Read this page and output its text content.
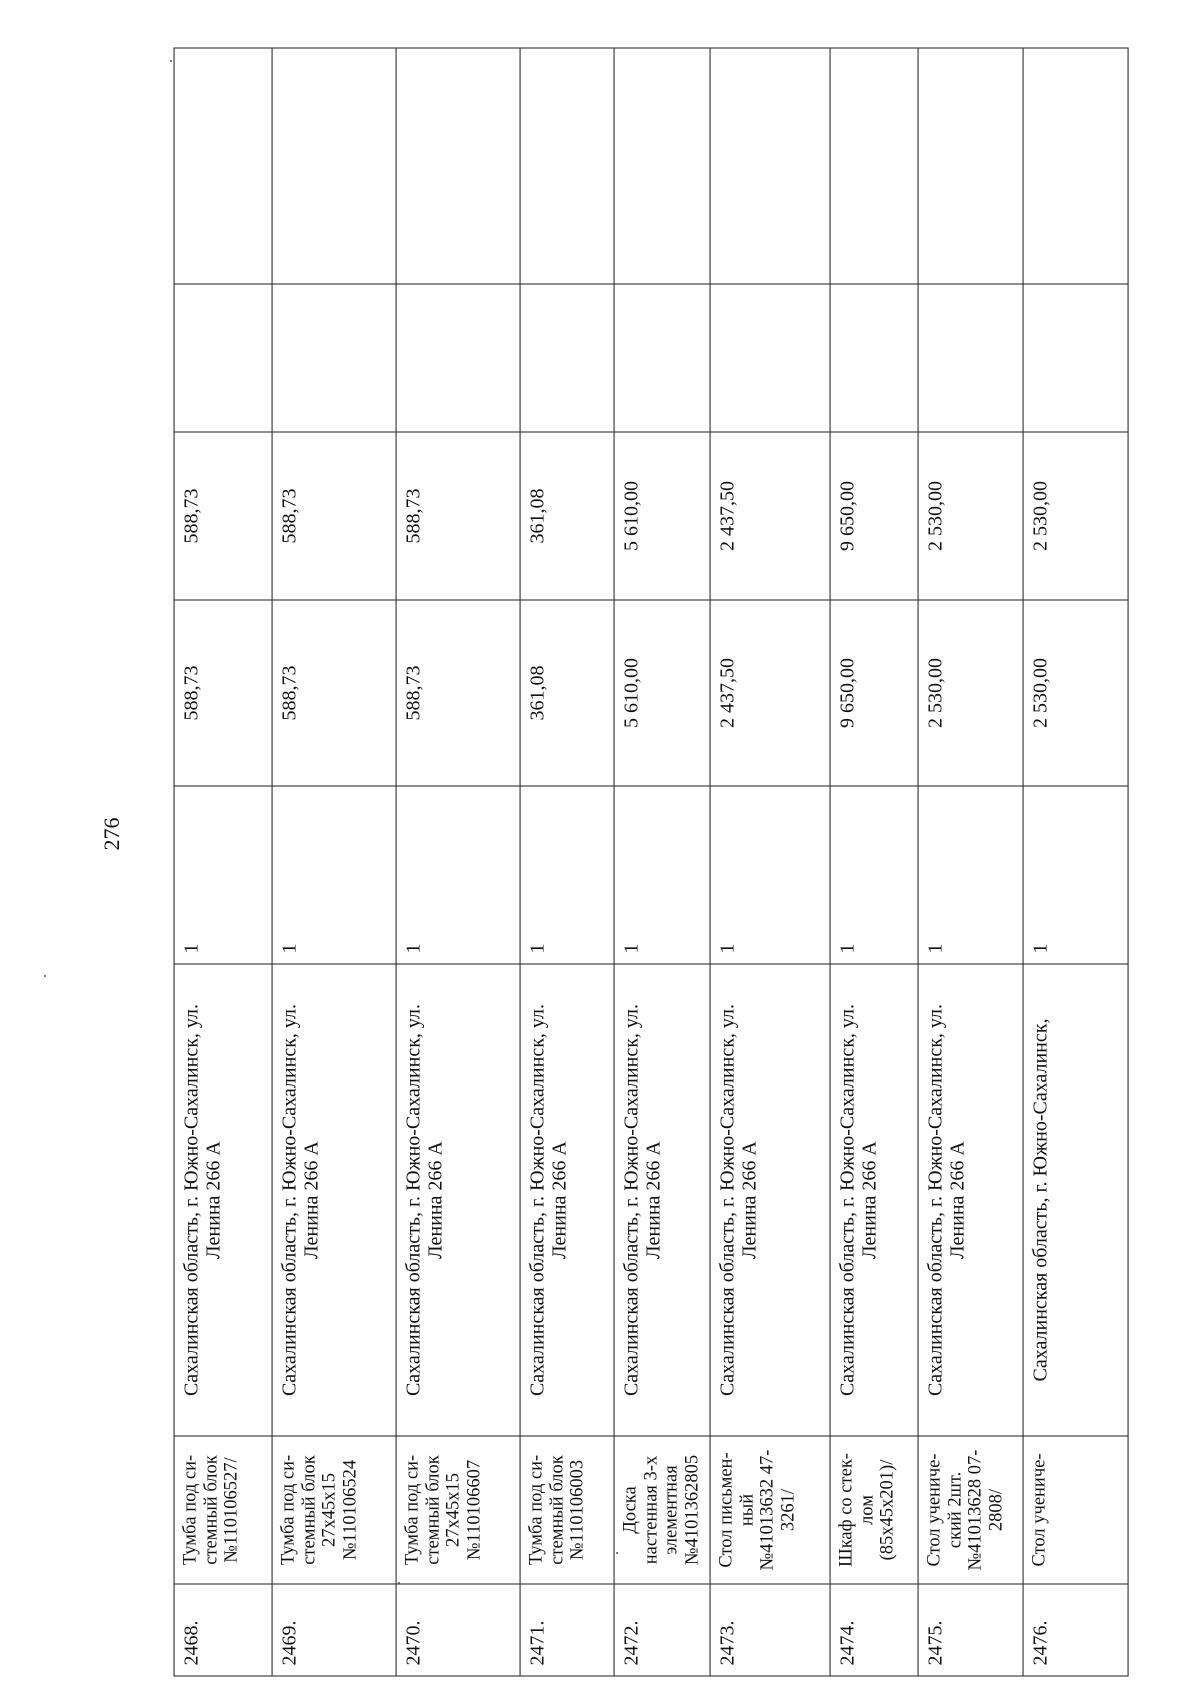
276
2468.	Тумба под си-стемный блок №110106527/	Сахалинская область, г. Южно-Сахалинск, ул. Ленина 266 А	1	588,73	588,73		
2469.	Тумба под си-стемный блок 27х45х15 №110106524	Сахалинская область, г. Южно-Сахалинск, ул. Ленина 266 А	1	588,73	588,73		
2470.	Тумба под си-стемный блок 27х45х15 №110106607	Сахалинская область, г. Южно-Сахалинск, ул. Ленина 266 А	1	588,73	588,73		
2471.	Тумба под си-стемный блок №110106003	Сахалинская область, г. Южно-Сахалинск, ул. Ленина 266 А	1	361,08	361,08		
2472.	Доска настенная 3-х элементная №4101362805	Сахалинская область, г. Южно-Сахалинск, ул. Ленина 266 А	1	5 610,00	5 610,00		
2473.	Стол письмен-ный №41013632 47-3261/	Сахалинская область, г. Южно-Сахалинск, ул. Ленина 266 А	1	2 437,50	2 437,50		
2474.	Шкаф со стек-лом (85х45х201)/	Сахалинская область, г. Южно-Сахалинск, ул. Ленина 266 А	1	9 650,00	9 650,00		
2475.	Стол учениче-ский 2шт.№41013628 07-2808/	Сахалинская область, г. Южно-Сахалинск, ул. Ленина 266 А	1	2 530,00	2 530,00		
2476.	Стол учениче-	Сахалинская область, г. Южно-Сахалинск,	1	2 530,00	2 530,00		
